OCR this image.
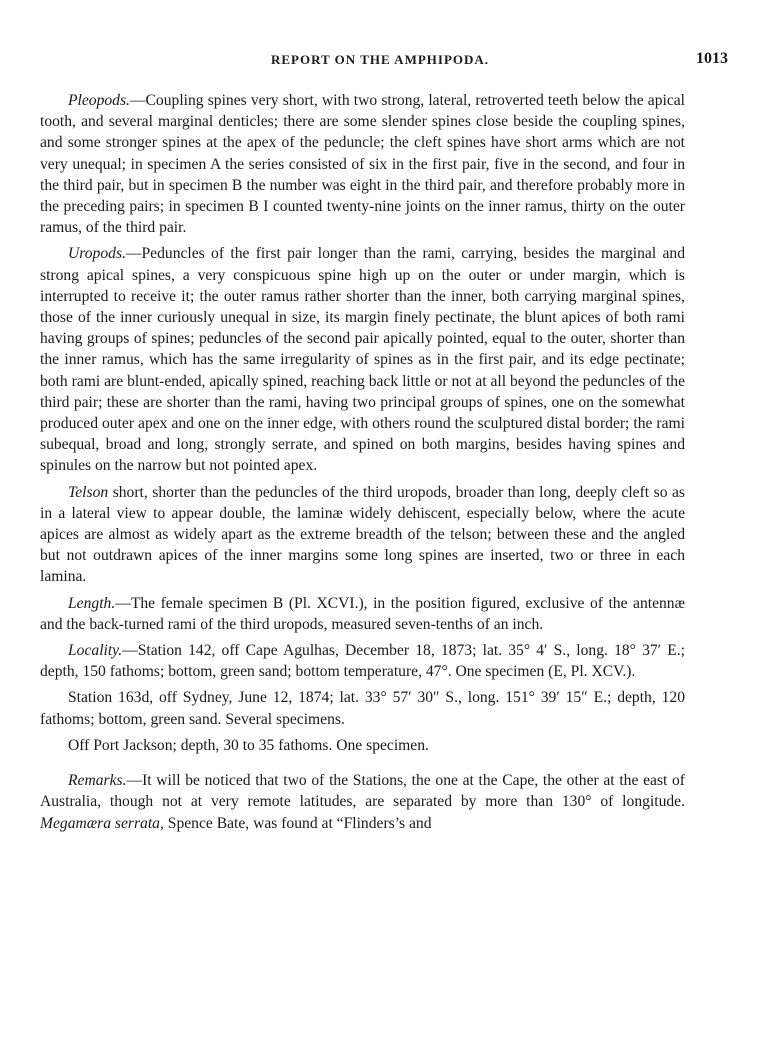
REPORT ON THE AMPHIPODA.	1013

Pleopods.—Coupling spines very short, with two strong, lateral, retroverted teeth below the apical tooth, and several marginal denticles; there are some slender spines close beside the coupling spines, and some stronger spines at the apex of the peduncle; the cleft spines have short arms which are not very unequal; in specimen A the series consisted of six in the first pair, five in the second, and four in the third pair, but in specimen B the number was eight in the third pair, and therefore probably more in the preceding pairs; in specimen B I counted twenty-nine joints on the inner ramus, thirty on the outer ramus, of the third pair.

Uropods.—Peduncles of the first pair longer than the rami, carrying, besides the marginal and strong apical spines, a very conspicuous spine high up on the outer or under margin, which is interrupted to receive it; the outer ramus rather shorter than the inner, both carrying marginal spines, those of the inner curiously unequal in size, its margin finely pectinate, the blunt apices of both rami having groups of spines; peduncles of the second pair apically pointed, equal to the outer, shorter than the inner ramus, which has the same irregularity of spines as in the first pair, and its edge pectinate; both rami are blunt-ended, apically spined, reaching back little or not at all beyond the peduncles of the third pair; these are shorter than the rami, having two principal groups of spines, one on the somewhat produced outer apex and one on the inner edge, with others round the sculptured distal border; the rami subequal, broad and long, strongly serrate, and spined on both margins, besides having spines and spinules on the narrow but not pointed apex.

Telson short, shorter than the peduncles of the third uropods, broader than long, deeply cleft so as in a lateral view to appear double, the laminæ widely dehiscent, especially below, where the acute apices are almost as widely apart as the extreme breadth of the telson; between these and the angled but not outdrawn apices of the inner margins some long spines are inserted, two or three in each lamina.

Length.—The female specimen B (Pl. XCVI.), in the position figured, exclusive of the antennæ and the back-turned rami of the third uropods, measured seven-tenths of an inch.

Locality.—Station 142, off Cape Agulhas, December 18, 1873; lat. 35° 4′ S., long. 18° 37′ E.; depth, 150 fathoms; bottom, green sand; bottom temperature, 47°. One specimen (E, Pl. XCV.).

Station 163d, off Sydney, June 12, 1874; lat. 33° 57′ 30″ S., long. 151° 39′ 15″ E.; depth, 120 fathoms; bottom, green sand. Several specimens.

Off Port Jackson; depth, 30 to 35 fathoms. One specimen.

Remarks.—It will be noticed that two of the Stations, the one at the Cape, the other at the east of Australia, though not at very remote latitudes, are separated by more than 130° of longitude. Megamæra serrata, Spence Bate, was found at “Flinders’s and
